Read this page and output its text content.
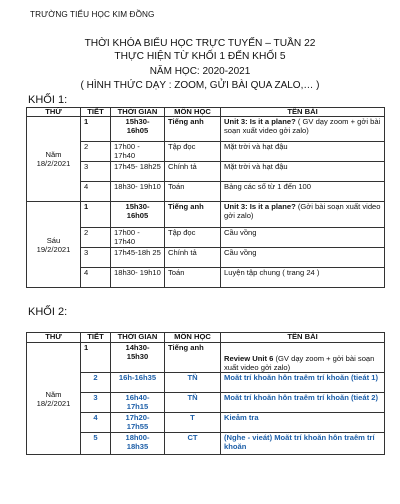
TRƯỜNG TIỂU HỌC KIM ĐỒNG
THỜI KHÓA BIỂU HỌC TRỰC TUYẾN – TUẦN 22
THỰC HIỆN TỪ KHỐI 1 ĐẾN KHỐI 5
NĂM HỌC: 2020-2021
( HÌNH THỨC DẠY : ZOOM, GỬI BÀI QUA ZALO,… )
KHỐI 1:
THỨ	TIẾT	THỜI GIAN	MÔN HỌC	TÊN BÀI
Năm 18/2/2021	1	15h30- 16h05	Tiếng anh	Unit 3: Is it a plane? ( GV dạy zoom + gởi bài soạn xuất video gởi zalo)
	2	17h00 - 17h40	Tập đọc	Mặt trời và hạt đậu
	3	17h45- 18h25	Chính tả	Mặt trời và hạt đậu
	4	18h30- 19h10	Toán	Bảng các số từ 1 đến 100
Sáu 19/2/2021	1	15h30- 16h05	Tiếng anh	Unit 3: Is it a plane? (Gởi bài soạn xuất video gởi zalo)
	2	17h00 - 17h40	Tập đọc	Cầu vồng
	3	17h45-18h 25	Chính tả	Cầu vồng
	4	18h30- 19h10	Toán	Luyện tập chung ( trang 24 )
KHỐI 2:
THỨ	TIẾT	THỜI GIAN	MÔN HỌC	TÊN BÀI
Năm 18/2/2021	1	14h30- 15h30	Tiếng anh	Review Unit 6 (GV dạy zoom + gởi bài soạn xuất video gởi zalo)
	2	16h-16h35	TN̈	Moăt trí khoăn hôn traêm trí khoăn (tieát 1)
	3	16h40- 17h15	TN̈	Moăt trí khoăn hôn traêm trí khoăn (tieát 2)
	4	17h20- 17h55	T	Kieåm tra
	5	18h00- 18h35	CT	(Nghe - vieát) Moăt trí khoăn hôn traêm trí khoăn
